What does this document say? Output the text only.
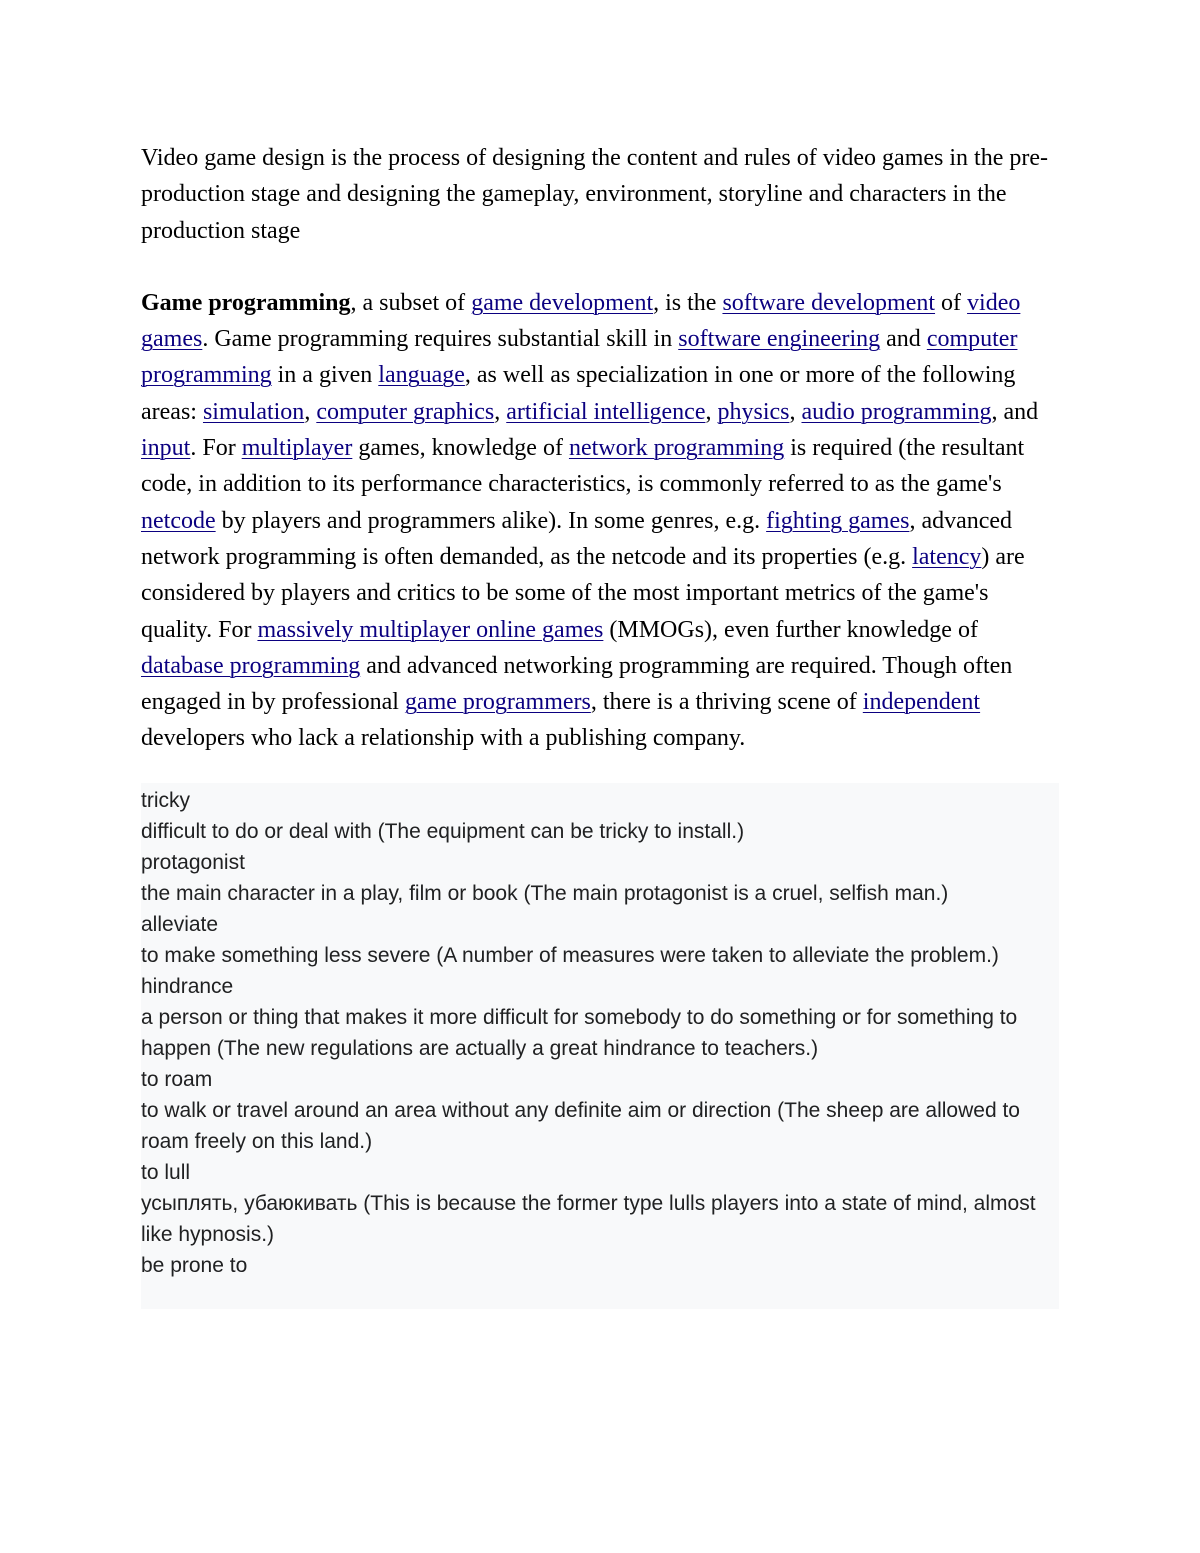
Video game design is the process of designing the content and rules of video games in the pre-production stage and designing the gameplay, environment, storyline and characters in the production stage

Game programming, a subset of game development, is the software development of video games. Game programming requires substantial skill in software engineering and computer programming in a given language, as well as specialization in one or more of the following areas: simulation, computer graphics, artificial intelligence, physics, audio programming, and input. For multiplayer games, knowledge of network programming is required (the resultant code, in addition to its performance characteristics, is commonly referred to as the game's netcode by players and programmers alike). In some genres, e.g. fighting games, advanced network programming is often demanded, as the netcode and its properties (e.g. latency) are considered by players and critics to be some of the most important metrics of the game's quality. For massively multiplayer online games (MMOGs), even further knowledge of database programming and advanced networking programming are required. Though often engaged in by professional game programmers, there is a thriving scene of independent developers who lack a relationship with a publishing company.

tricky

difficult to do or deal with (The equipment can be tricky to install.)

protagonist

the main character in a play, film or book (The main protagonist is a cruel, selfish man.)

alleviate

to make something less severe (A number of measures were taken to alleviate the problem.)

hindrance

a person or thing that makes it more difficult for somebody to do something or for something to happen (The new regulations are actually a great hindrance to teachers.)

to roam

to walk or travel around an area without any definite aim or direction (The sheep are allowed to roam freely on this land.)

to lull

усыплять, убаюкивать (This is because the former type lulls players into a state of mind, almost like hypnosis.)

be prone to
